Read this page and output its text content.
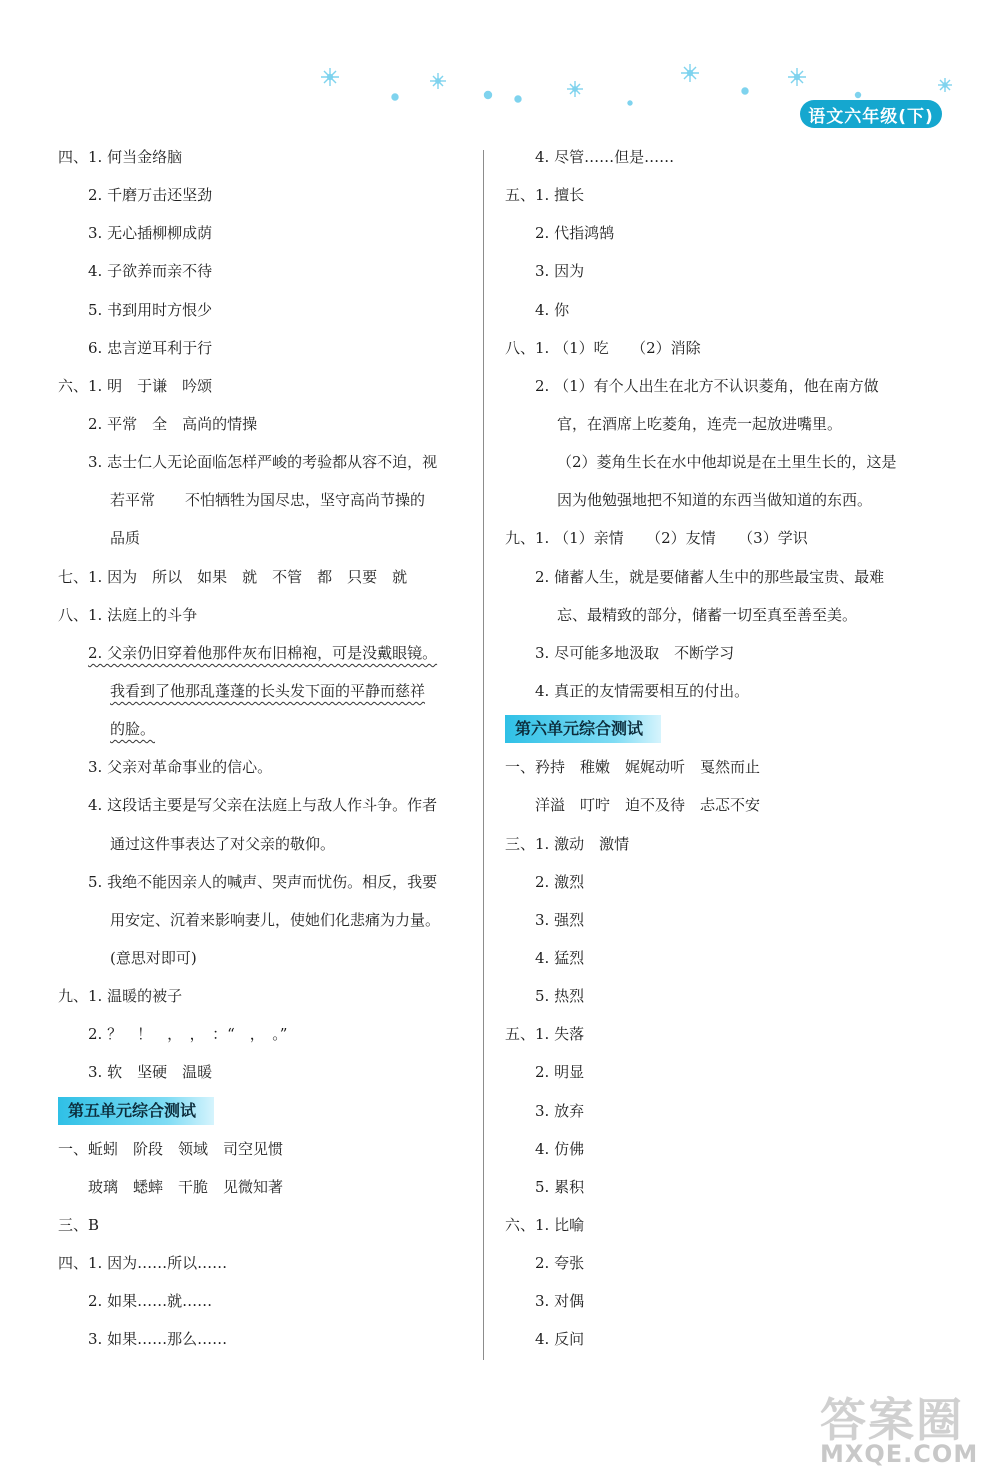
语文六年级(下)
四、1. 何当金络脑
2. 千磨万击还坚劲
3. 无心插柳柳成荫
4. 子欲养而亲不待
5. 书到用时方恨少
6. 忠言逆耳利于行
六、1. 明　于谦　吟颂
2. 平常　全　高尚的情操
3. 志士仁人无论面临怎样严峻的考验都从容不迫，视
若平常　　不怕牺牲为国尽忠，坚守高尚节操的
品质
七、1. 因为　所以　如果　就　不管　都　只要　就
八、1. 法庭上的斗争
2. 父亲仍旧穿着他那件灰布旧棉袍，可是没戴眼镜。
我看到了他那乱蓬蓬的长头发下面的平静而慈祥
的脸。
3. 父亲对革命事业的信心。
4. 这段话主要是写父亲在法庭上与敌人作斗争。作者
通过这件事表达了对父亲的敬仰。
5. 我绝不能因亲人的喊声、哭声而忧伤。相反，我要
用安定、沉着来影响妻儿，使她们化悲痛为力量。
(意思对即可)
九、1. 温暖的被子
2. ？　！　，　，　：“　，　。”
3. 软　坚硬　温暖
第五单元综合测试
一、蚯蚓　阶段　领域　司空见惯
玻璃　蟋蟀　干脆　见微知著
三、B
四、1. 因为……所以……
2. 如果……就……
3. 如果……那么……
4. 尽管……但是……
五、1. 擅长
2. 代指鸿鹄
3. 因为
4. 你
八、1. （1）吃　　（2）消除
2. （1）有个人出生在北方不认识菱角，他在南方做
官，在酒席上吃菱角，连壳一起放进嘴里。
（2）菱角生长在水中他却说是在土里生长的，这是
因为他勉强地把不知道的东西当做知道的东西。
九、1. （1）亲情　　（2）友情　　（3）学识
2. 储蓄人生，就是要储蓄人生中的那些最宝贵、最难
忘、最精致的部分，储蓄一切至真至善至美。
3. 尽可能多地汲取　不断学习
4. 真正的友情需要相互的付出。
第六单元综合测试
一、矜持　稚嫩　娓娓动听　戛然而止
洋溢　叮咛　迫不及待　忐忑不安
三、1. 激动　激情
2. 激烈
3. 强烈
4. 猛烈
5. 热烈
五、1. 失落
2. 明显
3. 放弃
4. 仿佛
5. 累积
六、1. 比喻
2. 夸张
3. 对偶
4. 反问
答案圈
MXQE.COM
